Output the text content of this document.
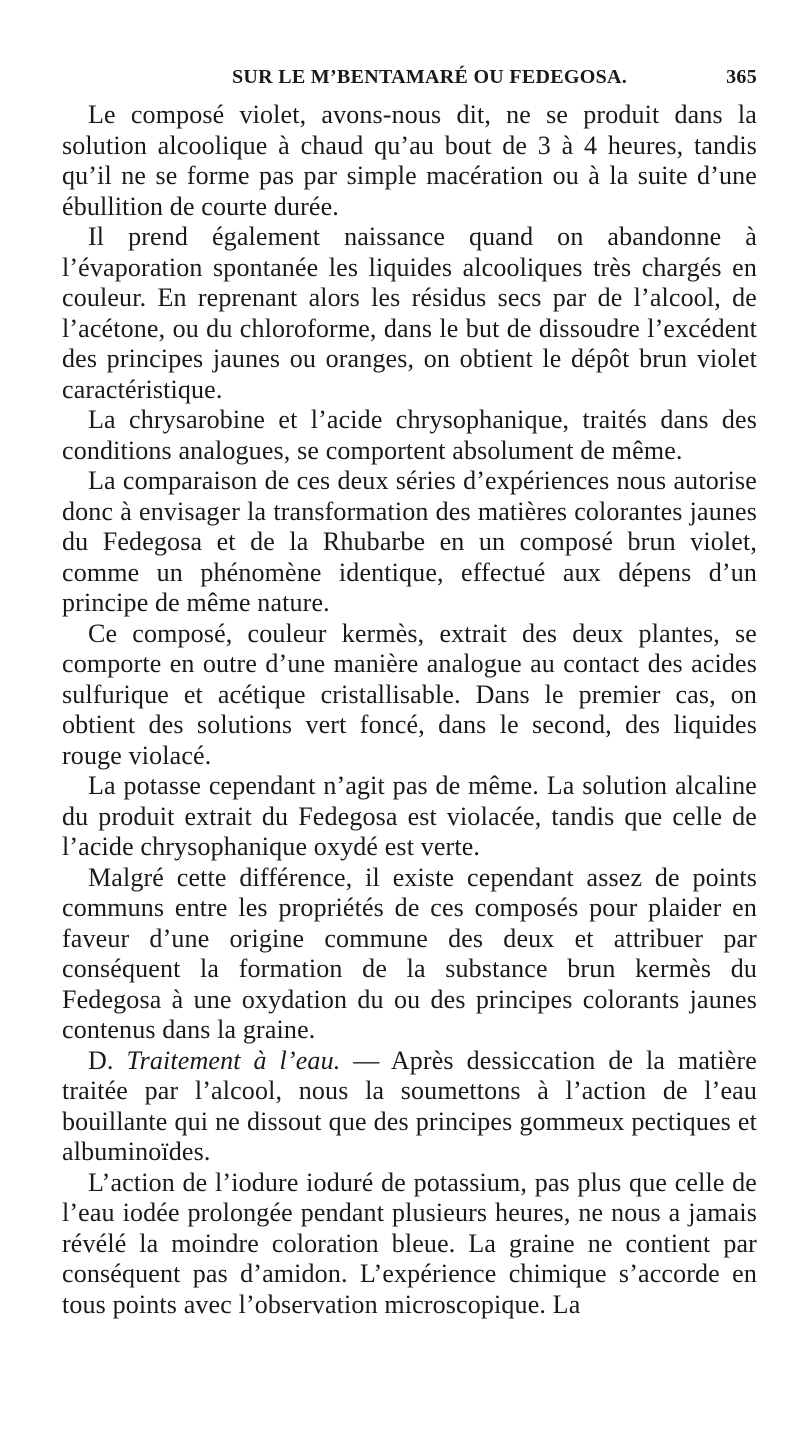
SUR LE M’BENTAMARÉ OU FEDEGOSA.	365

Le composé violet, avons-nous dit, ne se produit dans la solution alcoolique à chaud qu’au bout de 3 à 4 heures, tandis qu’il ne se forme pas par simple macération ou à la suite d’une ébullition de courte durée.

Il prend également naissance quand on abandonne à l’évaporation spontanée les liquides alcooliques très chargés en couleur. En reprenant alors les résidus secs par de l’alcool, de l’acétone, ou du chloroforme, dans le but de dissoudre l’excédent des principes jaunes ou oranges, on obtient le dépôt brun violet caractéristique.

La chrysarobine et l’acide chrysophanique, traités dans des conditions analogues, se comportent absolument de même.

La comparaison de ces deux séries d’expériences nous autorise donc à envisager la transformation des matières colorantes jaunes du Fedegosa et de la Rhubarbe en un composé brun violet, comme un phénomène identique, effectué aux dépens d’un principe de même nature.

Ce composé, couleur kermès, extrait des deux plantes, se comporte en outre d’une manière analogue au contact des acides sulfurique et acétique cristallisable. Dans le premier cas, on obtient des solutions vert foncé, dans le second, des liquides rouge violacé.

La potasse cependant n’agit pas de même. La solution alcaline du produit extrait du Fedegosa est violacée, tandis que celle de l’acide chrysophanique oxydé est verte.

Malgré cette différence, il existe cependant assez de points communs entre les propriétés de ces composés pour plaider en faveur d’une origine commune des deux et attribuer par conséquent la formation de la substance brun kermès du Fedegosa à une oxydation du ou des principes colorants jaunes contenus dans la graine.

D. Traitement à l’eau. — Après dessiccation de la matière traitée par l’alcool, nous la soumettons à l’action de l’eau bouillante qui ne dissout que des principes gommeux pectiques et albuminoïdes.

L’action de l’iodure ioduré de potassium, pas plus que celle de l’eau iodée prolongée pendant plusieurs heures, ne nous a jamais révélé la moindre coloration bleue. La graine ne contient par conséquent pas d’amidon. L’expérience chimique s’accorde en tous points avec l’observation microscopique. La
